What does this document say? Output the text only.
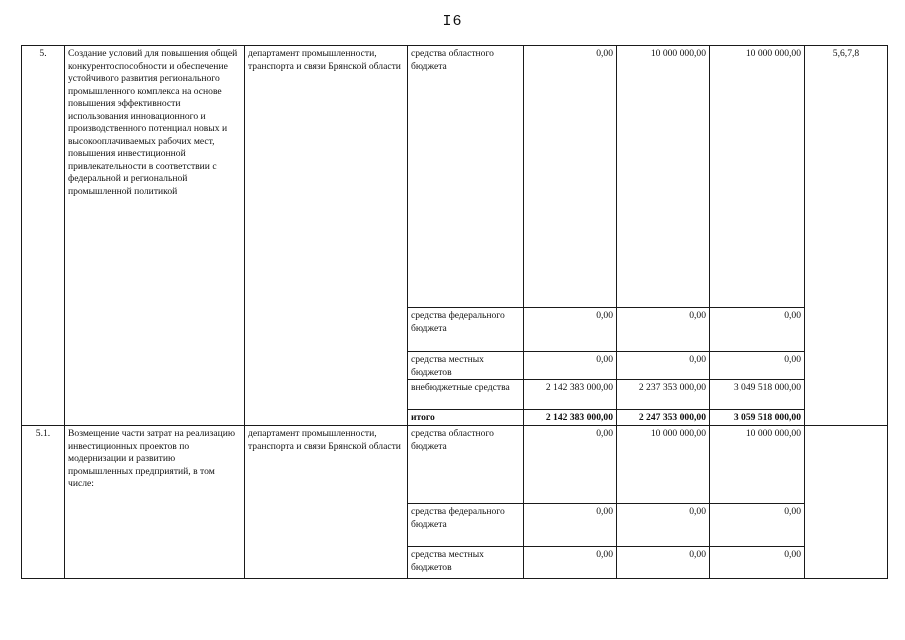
I6
5.	Создание условий для повышения общей конкурентоспособности и обеспечение устойчивого развития регионального промышленного комплекса на основе повышения эффективности использования инновационного и производственного потенциал новых и высокооплачиваемых рабочих мест, повышения инвестиционной привлекательности в соответствии с федеральной и региональной промышленной политикой	департамент промышленности, транспорта и связи Брянской области	средства областного бюджета	0,00	10 000 000,00	10 000 000,00	5,6,7,8
			средства федерального бюджета	0,00	0,00	0,00	
			средства местных бюджетов	0,00	0,00	0,00	
			внебюджетные средства	2 142 383 000,00	2 237 353 000,00	3 049 518 000,00	
			итого	2 142 383 000,00	2 247 353 000,00	3 059 518 000,00	
5.1.	Возмещение части затрат на реализацию инвестиционных проектов по модернизации и развитию промышленных предприятий, в том числе:	департамент промышленности, транспорта и связи Брянской области	средства областного бюджета	0,00	10 000 000,00	10 000 000,00	
			средства федерального бюджета	0,00	0,00	0,00	
			средства местных бюджетов	0,00	0,00	0,00	
